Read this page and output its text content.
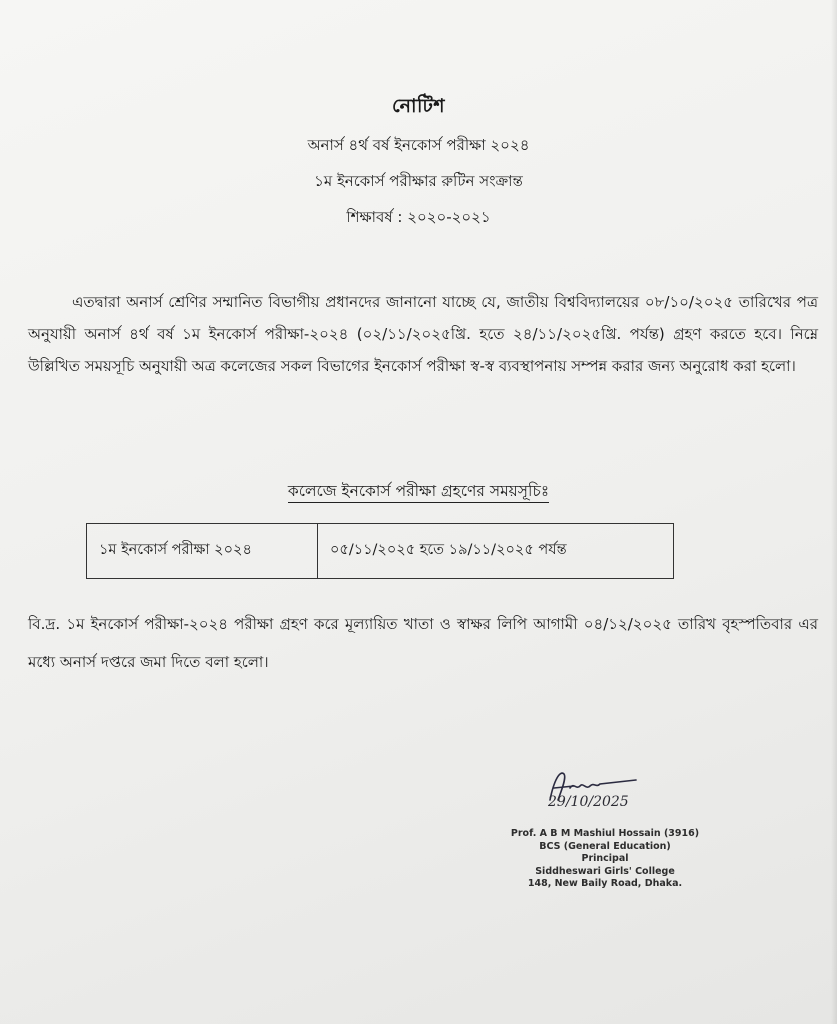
নোটিশ
অনার্স ৪র্থ বর্ষ ইনকোর্স পরীক্ষা ২০২৪
১ম ইনকোর্স পরীক্ষার রুটিন সংক্রান্ত
শিক্ষাবর্ষ : ২০২০-২০২১
এতদ্বারা অনার্স শ্রেণির সম্মানিত বিভাগীয় প্রধানদের জানানো যাচ্ছে যে, জাতীয় বিশ্ববিদ্যালয়ের ০৮/১০/২০২৫ তারিখের পত্র অনুযায়ী অনার্স ৪র্থ বর্ষ ১ম ইনকোর্স পরীক্ষা-২০২৪ (০২/১১/২০২৫খ্রি. হতে ২৪/১১/২০২৫খ্রি. পর্যন্ত) গ্রহণ করতে হবে। নিম্নে উল্লিখিত সময়সূচি অনুযায়ী অত্র কলেজের সকল বিভাগের ইনকোর্স পরীক্ষা স্ব-স্ব ব্যবস্থাপনায় সম্পন্ন করার জন্য অনুরোধ করা হলো।
কলেজে ইনকোর্স পরীক্ষা গ্রহণের সময়সূচিঃ
১ম ইনকোর্স পরীক্ষা ২০২৪	০৫/১১/২০২৫ হতে ১৯/১১/২০২৫ পর্যন্ত
বি.দ্র. ১ম ইনকোর্স পরীক্ষা-২০২৪ পরীক্ষা গ্রহণ করে মূল্যায়িত খাতা ও স্বাক্ষর লিপি আগামী ০৪/১২/২০২৫ তারিখ বৃহস্পতিবার এর মধ্যে অনার্স দপ্তরে জমা দিতে বলা হলো।
29/10/2025
Prof. A B M Mashiul Hossain (3916)
BCS (General Education)
Principal
Siddheswari Girls' College
148, New Baily Road, Dhaka.
